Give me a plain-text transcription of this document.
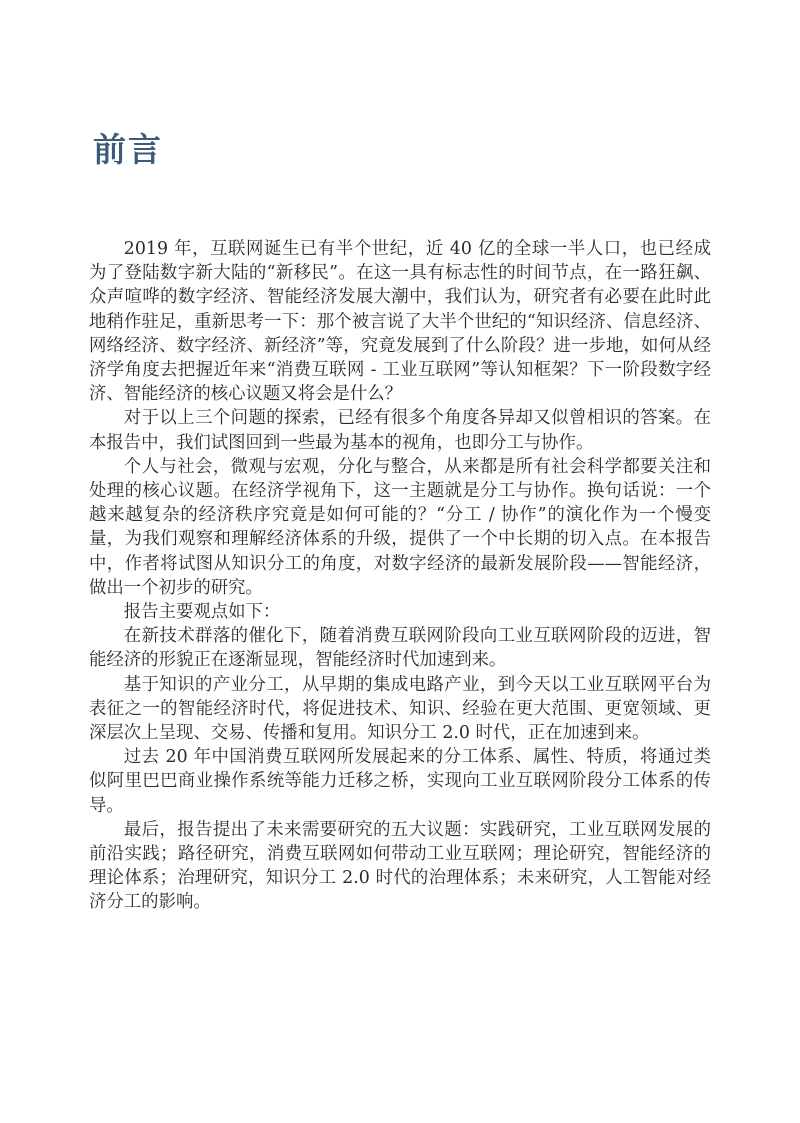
前言

2019 年，互联网诞生已有半个世纪，近 40 亿的全球一半人口，也已经成为了登陆数字新大陆的“新移民”。在这一具有标志性的时间节点，在一路狂飙、众声喧哗的数字经济、智能经济发展大潮中，我们认为，研究者有必要在此时此地稍作驻足，重新思考一下：那个被言说了大半个世纪的“知识经济、信息经济、网络经济、数字经济、新经济”等，究竟发展到了什么阶段？进一步地，如何从经济学角度去把握近年来“消费互联网 - 工业互联网”等认知框架？下一阶段数字经济、智能经济的核心议题又将会是什么？

对于以上三个问题的探索，已经有很多个角度各异却又似曾相识的答案。在本报告中，我们试图回到一些最为基本的视角，也即分工与协作。

个人与社会，微观与宏观，分化与整合，从来都是所有社会科学都要关注和处理的核心议题。在经济学视角下，这一主题就是分工与协作。换句话说：一个越来越复杂的经济秩序究竟是如何可能的？“分工 / 协作”的演化作为一个慢变量，为我们观察和理解经济体系的升级，提供了一个中长期的切入点。在本报告中，作者将试图从知识分工的角度，对数字经济的最新发展阶段——智能经济，做出一个初步的研究。

报告主要观点如下：

在新技术群落的催化下，随着消费互联网阶段向工业互联网阶段的迈进，智能经济的形貌正在逐渐显现，智能经济时代加速到来。

基于知识的产业分工，从早期的集成电路产业，到今天以工业互联网平台为表征之一的智能经济时代，将促进技术、知识、经验在更大范围、更宽领域、更深层次上呈现、交易、传播和复用。知识分工 2.0 时代，正在加速到来。

过去 20 年中国消费互联网所发展起来的分工体系、属性、特质，将通过类似阿里巴巴商业操作系统等能力迁移之桥，实现向工业互联网阶段分工体系的传导。

最后，报告提出了未来需要研究的五大议题：实践研究，工业互联网发展的前沿实践；路径研究，消费互联网如何带动工业互联网；理论研究，智能经济的理论体系；治理研究，知识分工 2.0 时代的治理体系；未来研究，人工智能对经济分工的影响。
